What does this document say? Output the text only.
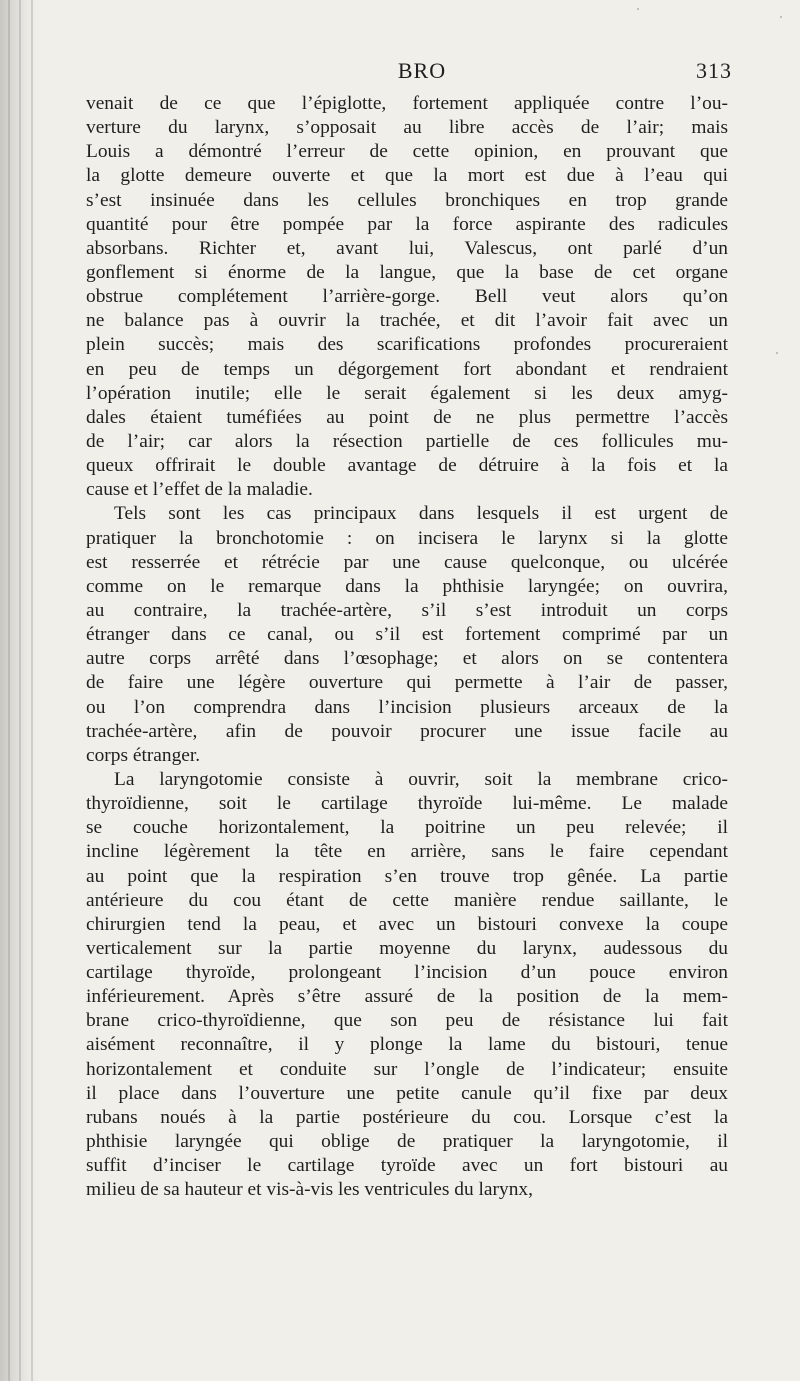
BRO	313
venait de ce que l’épiglotte, fortement appliquée contre l’ou-
verture du larynx, s’opposait au libre accès de l’air; mais
Louis a démontré l’erreur de cette opinion, en prouvant que
la glotte demeure ouverte et que la mort est due à l’eau qui
s’est insinuée dans les cellules bronchiques en trop grande
quantité pour être pompée par la force aspirante des radicules
absorbans. Richter et, avant lui, Valescus, ont parlé d’un
gonflement si énorme de la langue, que la base de cet organe
obstrue complétement l’arrière-gorge. Bell veut alors qu’on
ne balance pas à ouvrir la trachée, et dit l’avoir fait avec un
plein succès; mais des scarifications profondes procureraient
en peu de temps un dégorgement fort abondant et rendraient
l’opération inutile; elle le serait également si les deux amyg-
dales étaient tuméfiées au point de ne plus permettre l’accès
de l’air; car alors la résection partielle de ces follicules mu-
queux offrirait le double avantage de détruire à la fois et la
cause et l’effet de la maladie.
Tels sont les cas principaux dans lesquels il est urgent de
pratiquer la bronchotomie : on incisera le larynx si la glotte
est resserrée et rétrécie par une cause quelconque, ou ulcérée
comme on le remarque dans la phthisie laryngée; on ouvrira,
au contraire, la trachée-artère, s’il s’est introduit un corps
étranger dans ce canal, ou s’il est fortement comprimé par un
autre corps arrêté dans l’œsophage; et alors on se contentera
de faire une légère ouverture qui permette à l’air de passer,
ou l’on comprendra dans l’incision plusieurs arceaux de la
trachée-artère, afin de pouvoir procurer une issue facile au
corps étranger.
La laryngotomie consiste à ouvrir, soit la membrane crico-
thyroïdienne, soit le cartilage thyroïde lui-même. Le malade
se couche horizontalement, la poitrine un peu relevée; il
incline légèrement la tête en arrière, sans le faire cependant
au point que la respiration s’en trouve trop gênée. La partie
antérieure du cou étant de cette manière rendue saillante, le
chirurgien tend la peau, et avec un bistouri convexe la coupe
verticalement sur la partie moyenne du larynx, audessous du
cartilage thyroïde, prolongeant l’incision d’un pouce environ
inférieurement. Après s’être assuré de la position de la mem-
brane crico-thyroïdienne, que son peu de résistance lui fait
aisément reconnaître, il y plonge la lame du bistouri, tenue
horizontalement et conduite sur l’ongle de l’indicateur; ensuite
il place dans l’ouverture une petite canule qu’il fixe par deux
rubans noués à la partie postérieure du cou. Lorsque c’est la
phthisie laryngée qui oblige de pratiquer la laryngotomie, il
suffit d’inciser le cartilage tyroïde avec un fort bistouri au
milieu de sa hauteur et vis-à-vis les ventricules du larynx,
